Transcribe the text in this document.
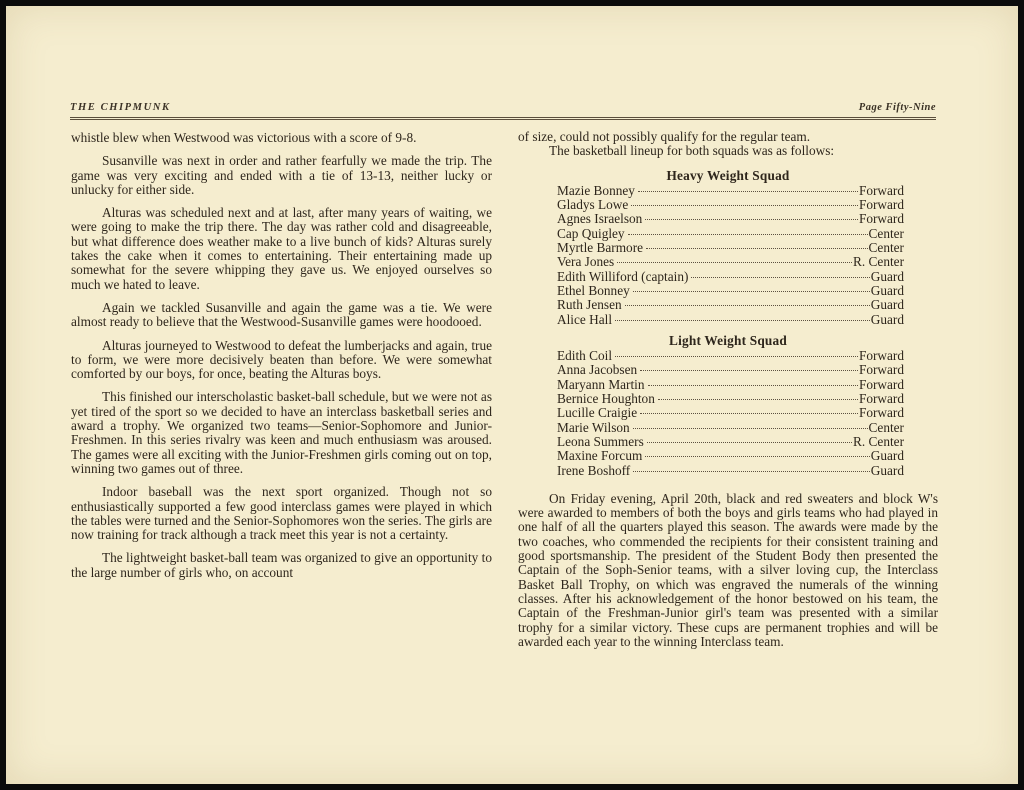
THE CHIPMUNK	Page Fifty-Nine

whistle blew when Westwood was victorious with a score of 9-8.

Susanville was next in order and rather fearfully we made the trip. The game was very exciting and ended with a tie of 13-13, neither lucky or unlucky for either side.

Alturas was scheduled next and at last, after many years of waiting, we were going to make the trip there. The day was rather cold and disagreeable, but what difference does weather make to a live bunch of kids? Alturas surely takes the cake when it comes to entertaining. Their entertaining made up somewhat for the severe whipping they gave us. We enjoyed ourselves so much we hated to leave.

Again we tackled Susanville and again the game was a tie. We were almost ready to believe that the Westwood-Susanville games were hoodooed.

Alturas journeyed to Westwood to defeat the lumberjacks and again, true to form, we were more decisively beaten than before. We were somewhat comforted by our boys, for once, beating the Alturas boys.

This finished our interscholastic basket-ball schedule, but we were not as yet tired of the sport so we decided to have an interclass basketball series and award a trophy. We organized two teams—Senior-Sophomore and Junior-Freshmen. In this series rivalry was keen and much enthusiasm was aroused. The games were all exciting with the Junior-Freshmen girls coming out on top, winning two games out of three.

Indoor baseball was the next sport organized. Though not so enthusiastically supported a few good interclass games were played in which the tables were turned and the Senior-Sophomores won the series. The girls are now training for track although a track meet this year is not a certainty.

The lightweight basket-ball team was organized to give an opportunity to the large number of girls who, on account

of size, could not possibly qualify for the regular team.

The basketball lineup for both squads was as follows:

Heavy Weight Squad
Mazie Bonney	Forward
Gladys Lowe	Forward
Agnes Israelson	Forward
Cap Quigley	Center
Myrtle Barmore	Center
Vera Jones	R. Center
Edith Williford (captain)	Guard
Ethel Bonney	Guard
Ruth Jensen	Guard
Alice Hall	Guard
Light Weight Squad
Edith Coil	Forward
Anna Jacobsen	Forward
Maryann Martin	Forward
Bernice Houghton	Forward
Lucille Craigie	Forward
Marie Wilson	Center
Leona Summers	R. Center
Maxine Forcum	Guard
Irene Boshoff	Guard

On Friday evening, April 20th, black and red sweaters and block W's were awarded to members of both the boys and girls teams who had played in one half of all the quarters played this season. The awards were made by the two coaches, who commended the recipients for their consistent training and good sportsmanship. The president of the Student Body then presented the Captain of the Soph-Senior teams, with a silver loving cup, the Interclass Basket Ball Trophy, on which was engraved the numerals of the winning classes. After his acknowledgement of the honor bestowed on his team, the Captain of the Freshman-Junior girl's team was presented with a similar trophy for a similar victory. These cups are permanent trophies and will be awarded each year to the winning Interclass team.
